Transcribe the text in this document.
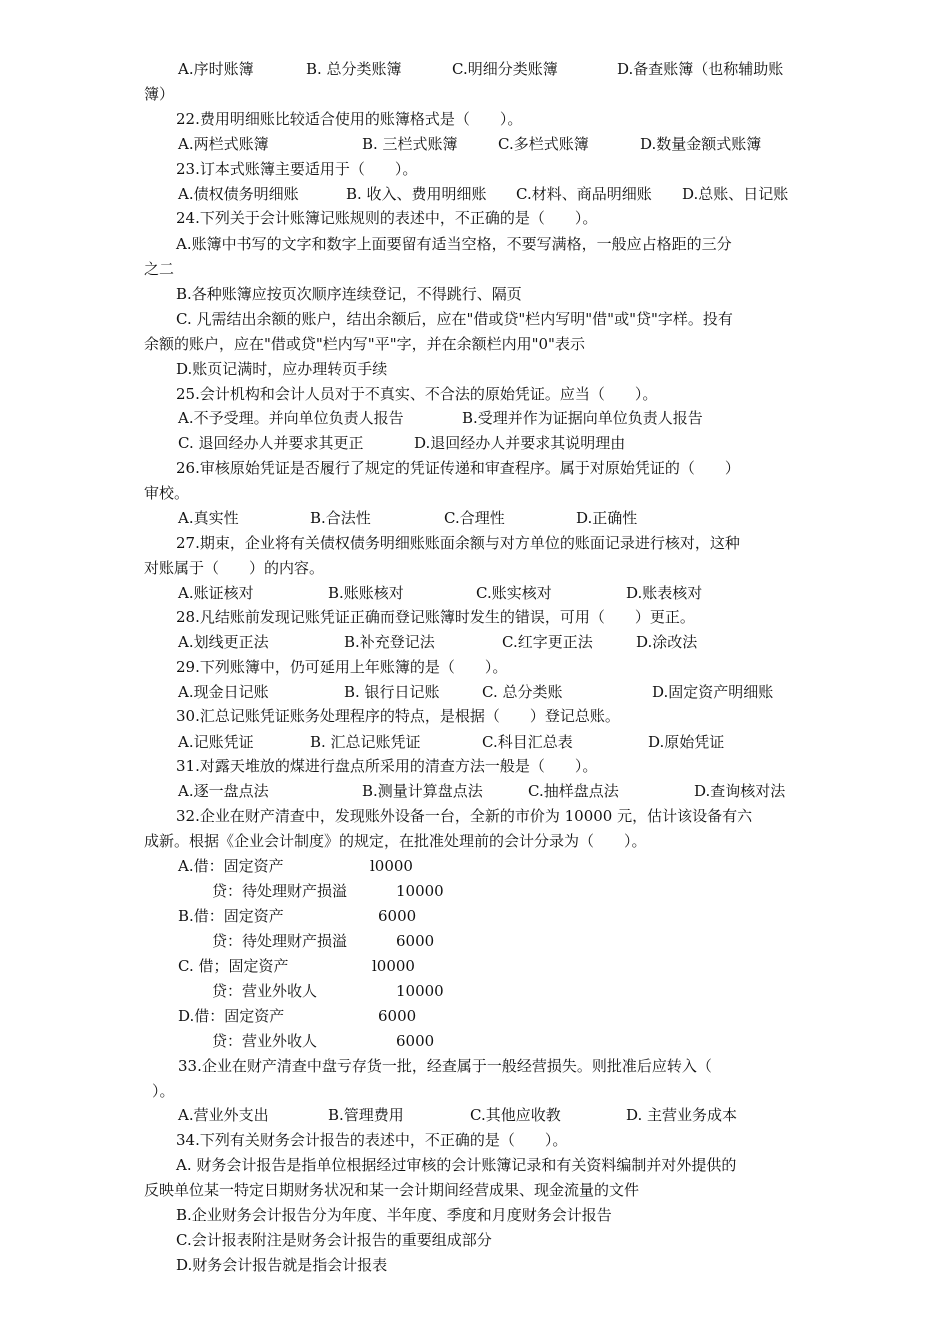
A.序时账簿	B. 总分类账簿	C.明细分类账簿	D.备查账簿（也称辅助账
簿）
22.费用明细账比较适合使用的账簿格式是（　　）。
A.两栏式账簿	B. 三栏式账簿	C.多栏式账簿	D.数量金额式账簿
23.订本式账簿主要适用于（　　）。
A.债权债务明细账	B. 收入、费用明细账 C.材料、商品明细账 D.总账、日记账
24.下列关于会计账簿记账规则的表述中，不正确的是（　　）。
A.账簿中书写的文字和数字上面要留有适当空格，不要写满格，一般应占格距的三分
之二
B.各种账簿应按页次顺序连续登记，不得跳行、隔页
C. 凡需结出余额的账户，结出余额后，应在"借或贷"栏内写明"借"或"贷"字样。投有
余额的账户，应在"借或贷"栏内写"平"字，并在余额栏内用"0"表示
D.账页记满时，应办理转页手续
25.会计机构和会计人员对于不真实、不合法的原始凭证。应当（　　）。
A.不予受理。并向单位负责人报告	B.受理并作为证据向单位负责人报告
C. 退回经办人并要求其更正	D.退回经办人并要求其说明理由
26.审核原始凭证是否履行了规定的凭证传递和审查程序。属于对原始凭证的（　　）
审校。
A.真实性	B.合法性	C.合理性	D.正确性
27.期束，企业将有关债权债务明细账账面余额与对方单位的账面记录进行核对，这种
对账属于（　　）的内容。
A.账证核对	B.账账核对	C.账实核对	D.账表核对
28.凡结账前发现记账凭证正确而登记账簿时发生的错误，可用（　　）更正。
A.划线更正法	B.补充登记法	C.红字更正法	D.涂改法
29.下列账簿中，仍可延用上年账簿的是（　　）。
A.现金日记账	B. 银行日记账	C. 总分类账	D.固定资产明细账
30.汇总记账凭证账务处理程序的特点，是根据（　　）登记总账。
A.记账凭证	B. 汇总记账凭证	C.科目汇总表	D.原始凭证
31.对露天堆放的煤进行盘点所采用的清查方法一般是（　　）。
A.逐一盘点法	B.测量计算盘点法	C.抽样盘点法	D.查询核对法
32.企业在财产清查中，发现账外设备一台，全新的市价为 10000 元，估计该设备有六
成新。根据《企业会计制度》的规定，在批准处理前的会计分录为（　　）。
A.借：固定资产	l0000
贷：待处理财产损溢	10000
B.借：固定资产	6000
贷：待处理财产损溢	6000
C. 借；固定资产	l0000
贷：营业外收人	10000
D.借：固定资产	6000
贷：营业外收人	6000
33.企业在财产清查中盘亏存货一批，经查属于一般经营损失。则批准后应转入（
）。
A.营业外支出	B.管理费用	C.其他应收教	D. 主营业务成本
34.下列有关财务会计报告的表述中，不正确的是（　　）。
A. 财务会计报告是指单位根据经过审核的会计账簿记录和有关资料编制并对外提供的
反映单位某一特定日期财务状况和某一会计期间经营成果、现金流量的文件
B.企业财务会计报告分为年度、半年度、季度和月度财务会计报告
C.会计报表附注是财务会计报告的重要组成部分
D.财务会计报告就是指会计报表
